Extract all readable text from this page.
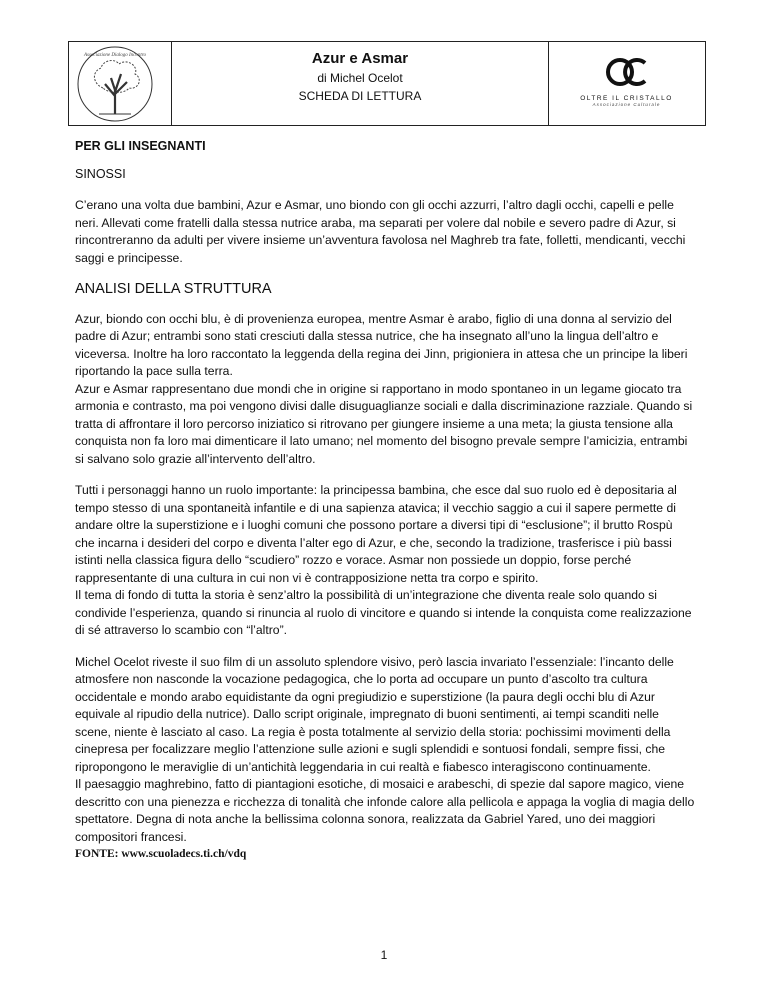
Associazione Dialogo Incontro	Azur e Asmar
di Michel Ocelot
SCHEDA DI LETTURA	OLTRE IL CRISTALLO
Associazione Culturale
PER GLI INSEGNANTI
SINOSSI

C’erano una volta due bambini, Azur e Asmar, uno biondo con gli occhi azzurri, l’altro dagli occhi, capelli e pelle neri. Allevati come fratelli dalla stessa nutrice araba, ma separati per volere dal nobile e severo padre di Azur, si rincontreranno da adulti per vivere insieme un’avventura favolosa nel Maghreb tra fate, folletti, mendicanti, vecchi saggi e principesse.

ANALISI DELLA STRUTTURA

Azur, biondo con occhi blu, è di provenienza europea, mentre Asmar è arabo, figlio di una donna al servizio del padre di Azur; entrambi sono stati cresciuti dalla stessa nutrice, che ha insegnato all’uno la lingua dell’altro e viceversa. Inoltre ha loro raccontato la leggenda della regina dei Jinn, prigioniera in attesa che un principe la liberi riportando la pace sulla terra.

Azur e Asmar rappresentano due mondi che in origine si rapportano in modo spontaneo in un legame giocato tra armonia e contrasto, ma poi vengono divisi dalle disuguaglianze sociali e dalla discriminazione razziale. Quando si tratta di affrontare il loro percorso iniziatico si ritrovano per giungere insieme a una meta; la giusta tensione alla conquista non fa loro mai dimenticare il lato umano; nel momento del bisogno prevale sempre l’amicizia, entrambi si salvano solo grazie all’intervento dell’altro.

Tutti i personaggi hanno un ruolo importante: la principessa bambina, che esce dal suo ruolo ed è depositaria al tempo stesso di una spontaneità infantile e di una sapienza atavica; il vecchio saggio a cui il sapere permette di andare oltre la superstizione e i luoghi comuni che possono portare a diversi tipi di “esclusione”; il brutto Rospù che incarna i desideri del corpo e diventa l’alter ego di Azur, e che, secondo la tradizione, trasferisce i più bassi istinti nella classica figura dello “scudiero” rozzo e vorace. Asmar non possiede un doppio, forse perché rappresentante di una cultura in cui non vi è contrapposizione netta tra corpo e spirito.

Il tema di fondo di tutta la storia è senz’altro la possibilità di un’integrazione che diventa reale solo quando si condivide l’esperienza, quando si rinuncia al ruolo di vincitore e quando si intende la conquista come realizzazione di sé attraverso lo scambio con “l’altro”.

Michel Ocelot riveste il suo film di un assoluto splendore visivo, però lascia invariato l’essenziale: l’incanto delle atmosfere non nasconde la vocazione pedagogica, che lo porta ad occupare un punto d’ascolto tra cultura occidentale e mondo arabo equidistante da ogni pregiudizio e superstizione (la paura degli occhi blu di Azur equivale al ripudio della nutrice). Dallo script originale, impregnato di buoni sentimenti, ai tempi scanditi nelle scene, niente è lasciato al caso. La regia è posta totalmente al servizio della storia: pochissimi movimenti della cinepresa per focalizzare meglio l’attenzione sulle azioni e sugli splendidi e sontuosi fondali, sempre fissi, che ripropongono le meraviglie di un’antichità leggendaria in cui realtà e fiabesco interagiscono continuamente.

Il paesaggio maghrebino, fatto di piantagioni esotiche, di mosaici e arabeschi, di spezie dal sapore magico, viene descritto con una pienezza e ricchezza di tonalità che infonde calore alla pellicola e appaga la voglia di magia dello spettatore. Degna di nota anche la bellissima colonna sonora, realizzata da Gabriel Yared, uno dei maggiori compositori francesi.

FONTE: www.scuoladecs.ti.ch/vdq
1
